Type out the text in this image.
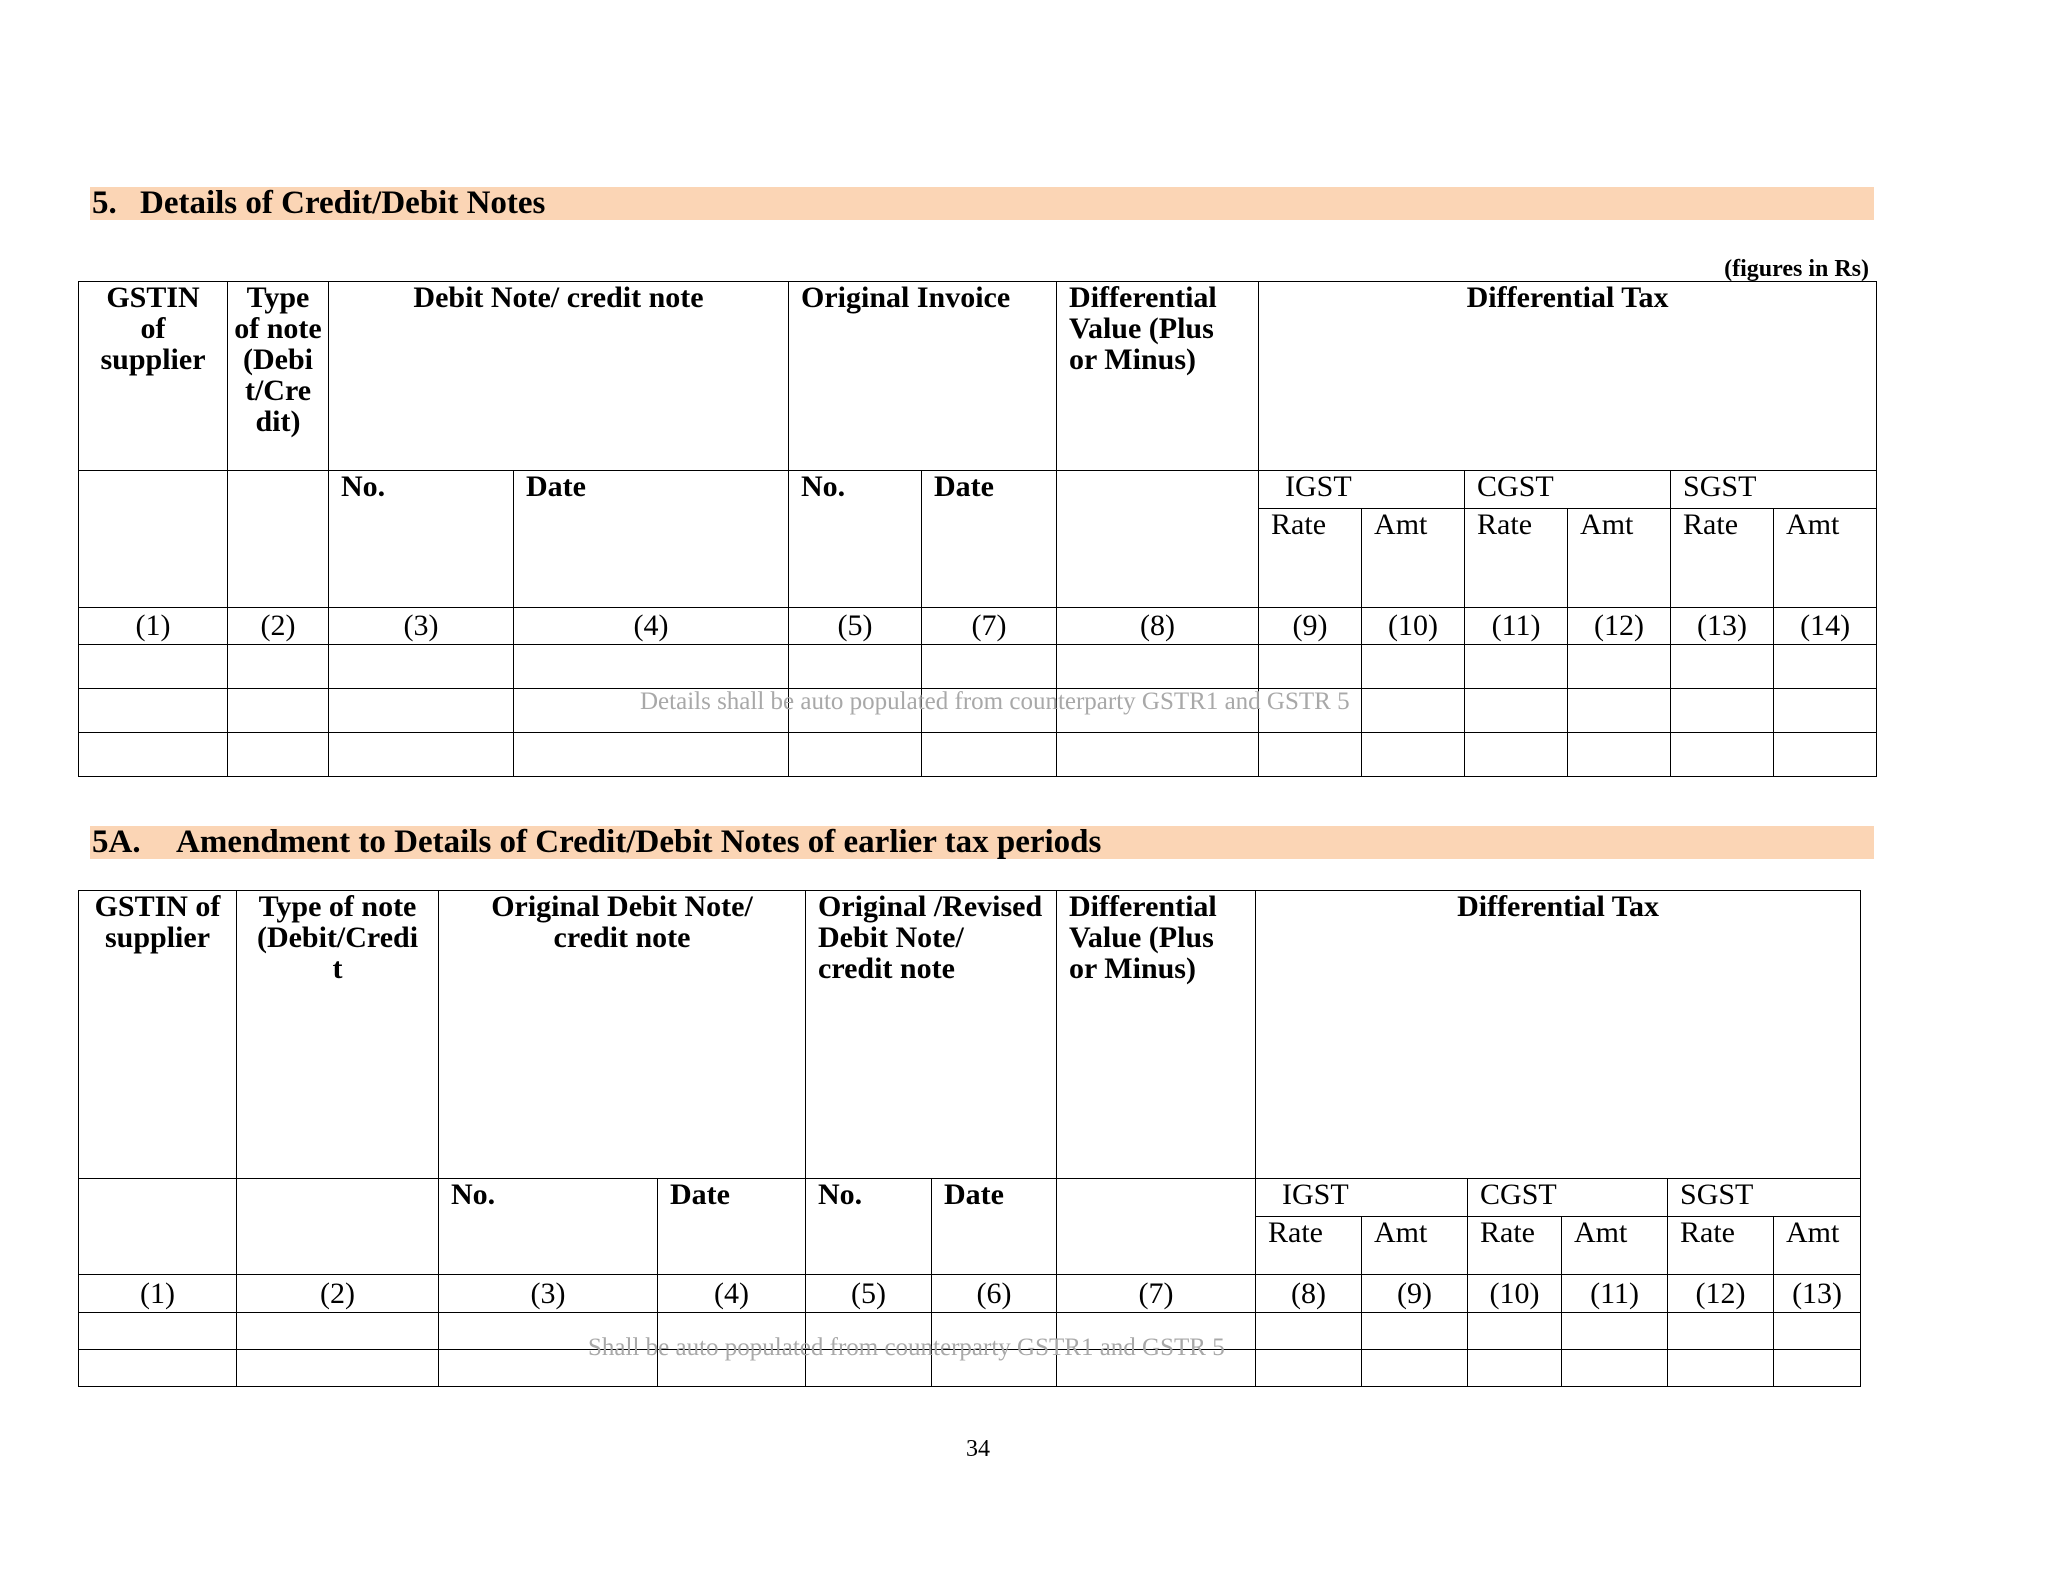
5. Details of Credit/Debit Notes
(figures in Rs)
GSTIN of supplier	Type of note (Debi t/Cre dit)	Debit Note/ credit note		Original Invoice		Differential Value (Plus or Minus)	Differential Tax					
		No.	Date	No.	Date		IGST		CGST		SGST	
							Rate	Amt	Rate	Amt	Rate	Amt
(1)	(2)	(3)	(4)	(5)	(7)	(8)	(9)	(10)	(11)	(12)	(13)	(14)

Details shall be auto populated from counterparty GSTR1 and GSTR 5
5A. Amendment to Details of Credit/Debit Notes of earlier tax periods
GSTIN of supplier	Type of note (Debit/Credi t	Original Debit Note/ credit note		Original /Revised Debit Note/ credit note		Differential Value (Plus or Minus)	Differential Tax					
		No.	Date	No.	Date		IGST		CGST		SGST	
							Rate	Amt	Rate	Amt	Rate	Amt
(1)	(2)	(3)	(4)	(5)	(6)	(7)	(8)	(9)	(10)	(11)	(12)	(13)

Shall be auto populated from counterparty GSTR1 and GSTR 5
34
